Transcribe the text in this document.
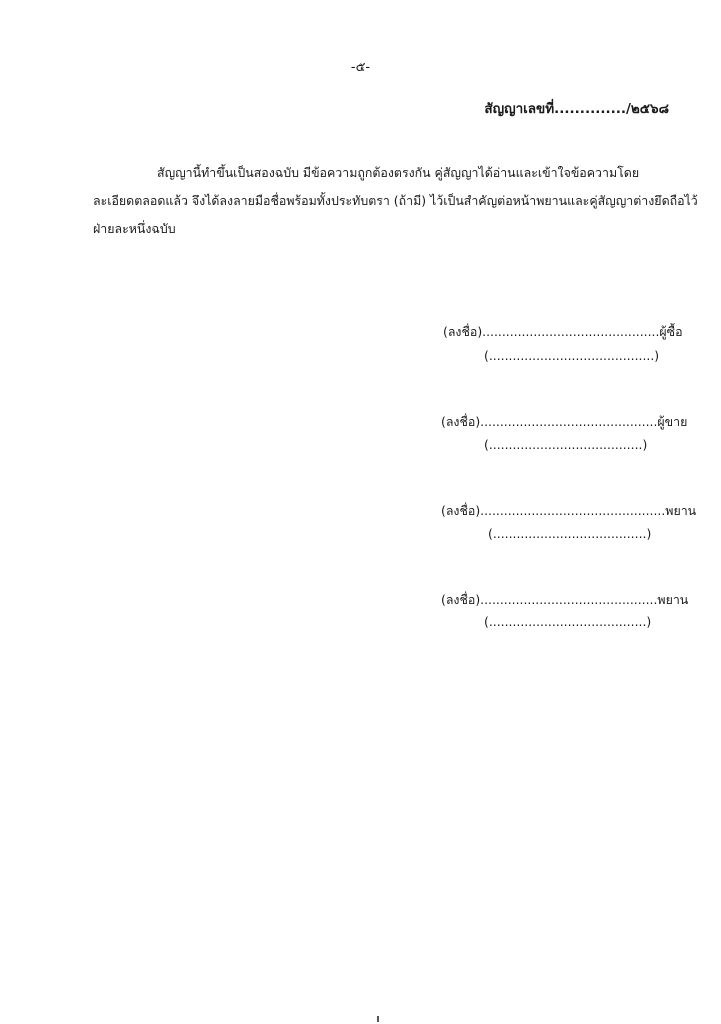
-๕-
สัญญาเลขที่............../๒๕๖๘
สัญญานี้ทำขึ้นเป็นสองฉบับ มีข้อความถูกต้องตรงกัน คู่สัญญาได้อ่านและเข้าใจข้อความโดย
ละเอียดตลอดแล้ว จึงได้ลงลายมือชื่อพร้อมทั้งประทับตรา (ถ้ามี) ไว้เป็นสำคัญต่อหน้าพยานและคู่สัญญาต่างยึดถือไว้
ฝ่ายละหนึ่งฉบับ
(ลงชื่อ).............................................ผู้ซื้อ
(..........................................)
(ลงชื่อ).............................................ผู้ขาย
(.......................................)
(ลงชื่อ)...............................................พยาน
(.......................................)
(ลงชื่อ).............................................พยาน
(........................................)
